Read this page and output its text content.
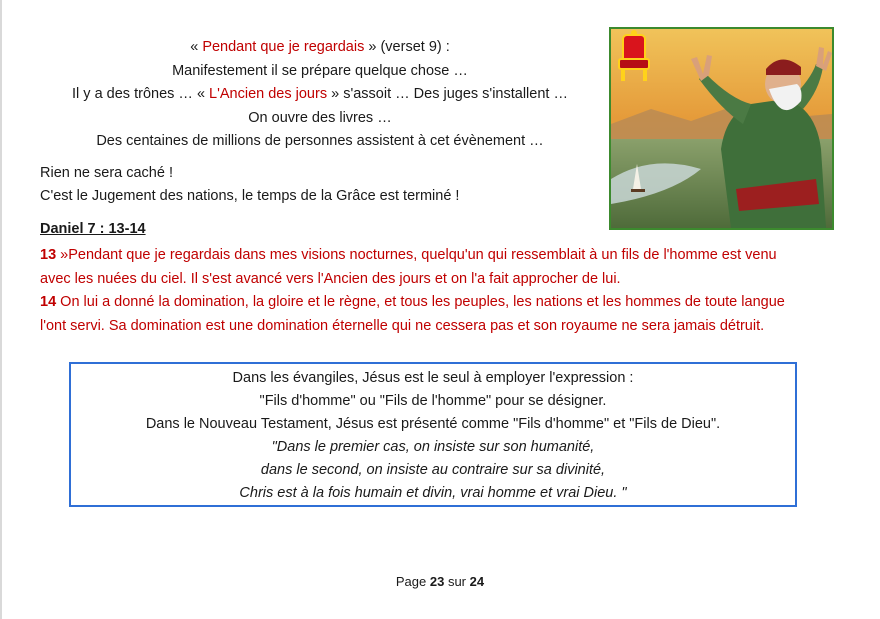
« Pendant que je regardais » (verset 9) :
Manifestement il se prépare quelque chose …
Il y a des trônes … « L'Ancien des jours » s'assoit … Des juges s'installent …
On ouvre des livres …
Des centaines de millions de personnes assistent à cet évènement …
Rien ne sera caché !
C'est le Jugement des nations, le temps de la Grâce est terminé !
Daniel 7 : 13-14
13 »Pendant que je regardais dans mes visions nocturnes, quelqu'un qui ressemblait à un fils de l'homme est venu
avec les nuées du ciel. Il s'est avancé vers l'Ancien des jours et on l'a fait approcher de lui.
14 On lui a donné la domination, la gloire et le règne, et tous les peuples, les nations et les hommes de toute langue
l'ont servi. Sa domination est une domination éternelle qui ne cessera pas et son royaume ne sera jamais détruit.
Dans les évangiles, Jésus est le seul à employer l'expression :
"Fils d'homme" ou "Fils de l'homme" pour se désigner.
Dans le Nouveau Testament, Jésus est présenté comme "Fils d'homme" et "Fils de Dieu".
"Dans le premier cas, on insiste sur son humanité,
dans le second, on insiste au contraire sur sa divinité,
Chris est à la fois humain et divin, vrai homme et vrai Dieu. "
Page 23 sur 24
